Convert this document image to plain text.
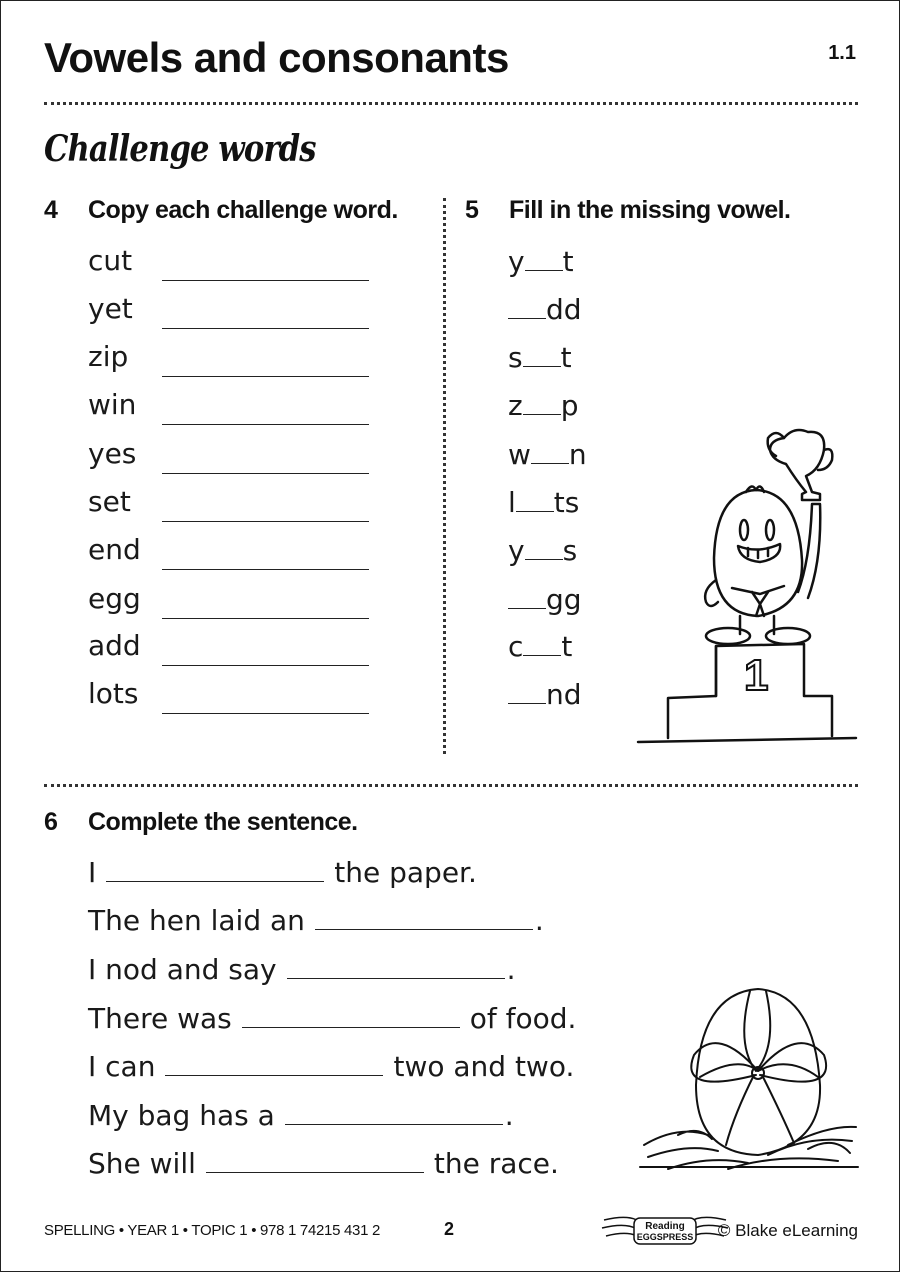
Vowels and consonants	1.1
Challenge words
4 Copy each challenge word.	5 Fill in the missing vowel.
cut
yet
zip
win
yes
set
end
egg
add
lots
y t
dd
s t
z p
w n
l ts
y s
gg
c t
nd	1
6 Complete the sentence.
I	the paper.
The hen laid an	.
I nod and say	.
There was	of food.
I can	two and two.
My bag has a	.
She will	the race.
SPELLING • YEAR 1 • TOPIC 1 • 978 1 74215 431 2	2	Reading
EGGSPRESS © Blake eLearning
